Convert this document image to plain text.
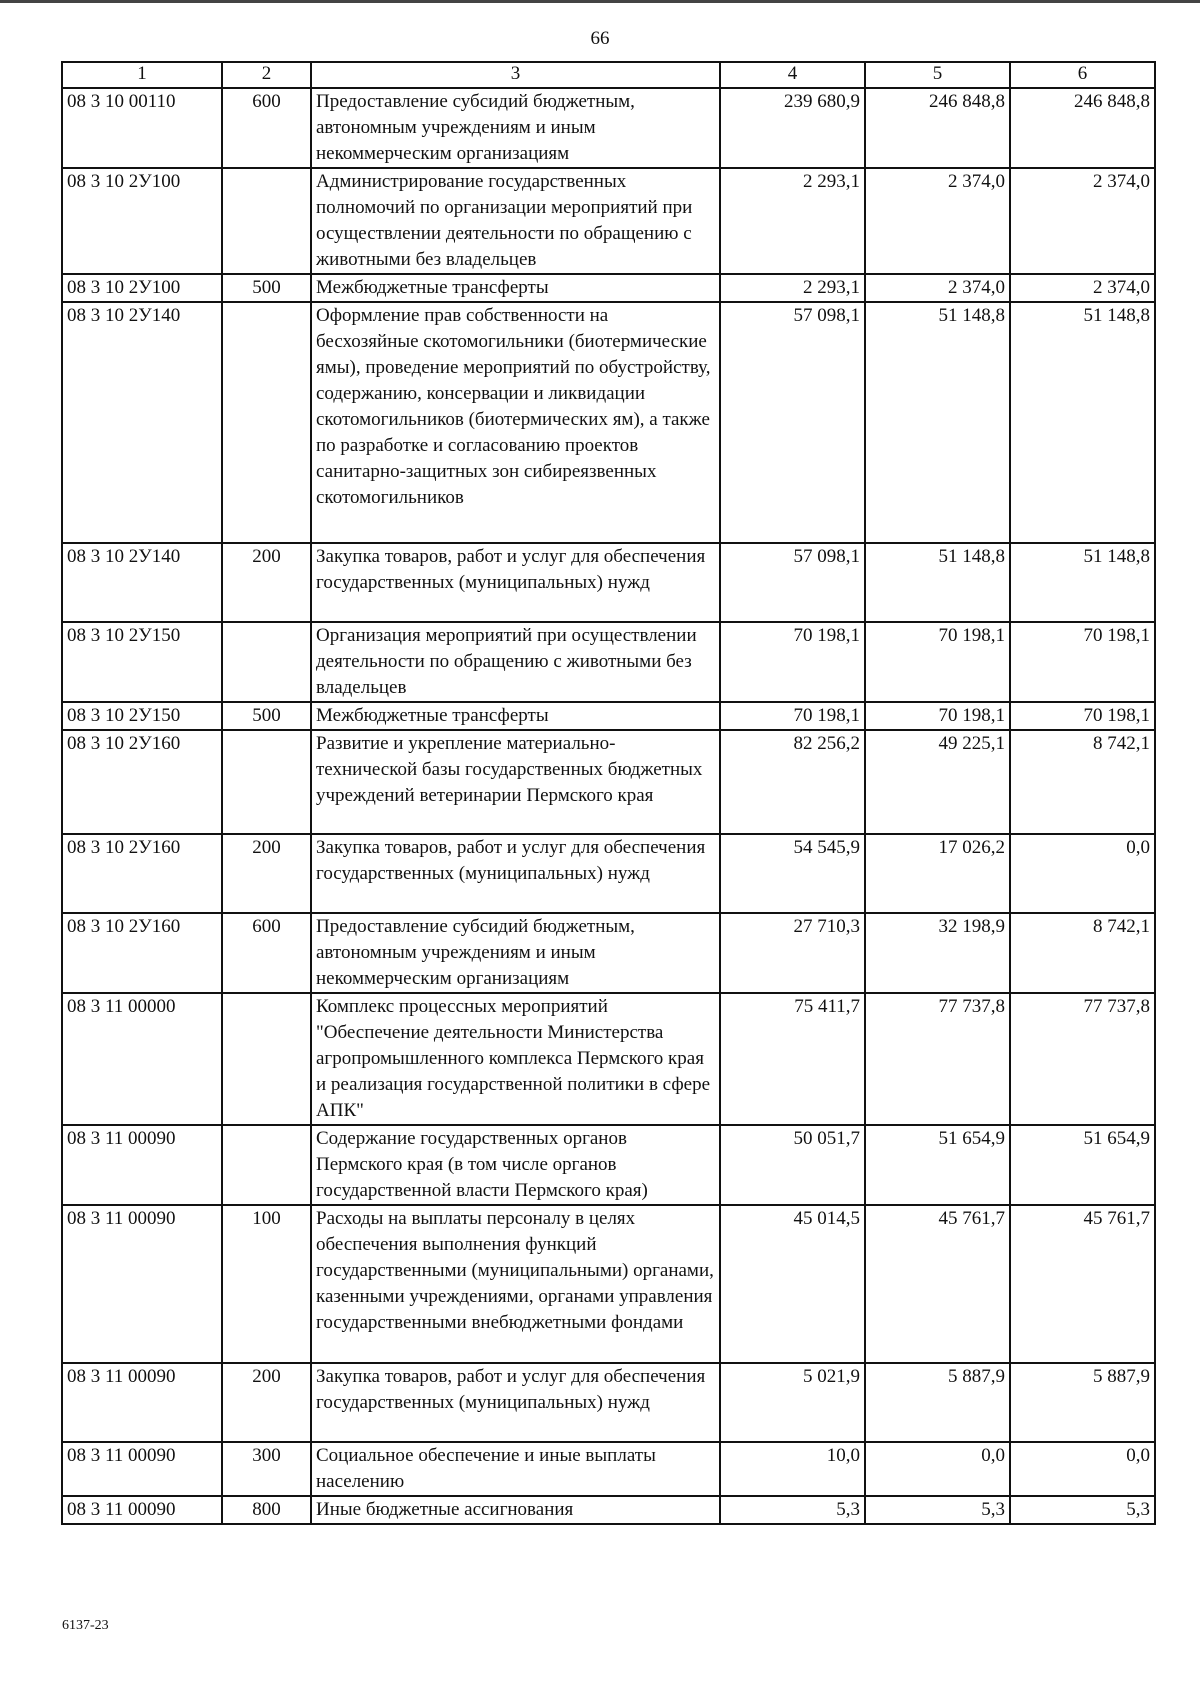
66
1	2	3	4	5	6
08 3 10 00110	600	Предоставление субсидий бюджетным, автономным учреждениям и иным некоммерческим организациям	239 680,9	246 848,8	246 848,8
08 3 10 2У100		Администрирование государственных полномочий по организации мероприятий при осуществлении деятельности по обращению с животными без владельцев	2 293,1	2 374,0	2 374,0
08 3 10 2У100	500	Межбюджетные трансферты	2 293,1	2 374,0	2 374,0
08 3 10 2У140		Оформление прав собственности на бесхозяйные скотомогильники (биотермические ямы), проведение мероприятий по обустройству, содержанию, консервации и ликвидации скотомогильников (биотермических ям), а также по разработке и согласованию проектов санитарно-защитных зон сибиреязвенных скотомогильников	57 098,1	51 148,8	51 148,8
08 3 10 2У140	200	Закупка товаров, работ и услуг для обеспечения государственных (муниципальных) нужд	57 098,1	51 148,8	51 148,8
08 3 10 2У150		Организация мероприятий при осуществлении деятельности по обращению с животными без владельцев	70 198,1	70 198,1	70 198,1
08 3 10 2У150	500	Межбюджетные трансферты	70 198,1	70 198,1	70 198,1
08 3 10 2У160		Развитие и укрепление материально-технической базы государственных бюджетных учреждений ветеринарии Пермского края	82 256,2	49 225,1	8 742,1
08 3 10 2У160	200	Закупка товаров, работ и услуг для обеспечения государственных (муниципальных) нужд	54 545,9	17 026,2	0,0
08 3 10 2У160	600	Предоставление субсидий бюджетным, автономным учреждениям и иным некоммерческим организациям	27 710,3	32 198,9	8 742,1
08 3 11 00000		Комплекс процессных мероприятий "Обеспечение деятельности Министерства агропромышленного комплекса Пермского края и реализация государственной политики в сфере АПК"	75 411,7	77 737,8	77 737,8
08 3 11 00090		Содержание государственных органов Пермского края (в том числе органов государственной власти Пермского края)	50 051,7	51 654,9	51 654,9
08 3 11 00090	100	Расходы на выплаты персоналу в целях обеспечения выполнения функций государственными (муниципальными) органами, казенными учреждениями, органами управления государственными внебюджетными фондами	45 014,5	45 761,7	45 761,7
08 3 11 00090	200	Закупка товаров, работ и услуг для обеспечения государственных (муниципальных) нужд	5 021,9	5 887,9	5 887,9
08 3 11 00090	300	Социальное обеспечение и иные выплаты населению	10,0	0,0	0,0
08 3 11 00090	800	Иные бюджетные ассигнования	5,3	5,3	5,3
6137-23
